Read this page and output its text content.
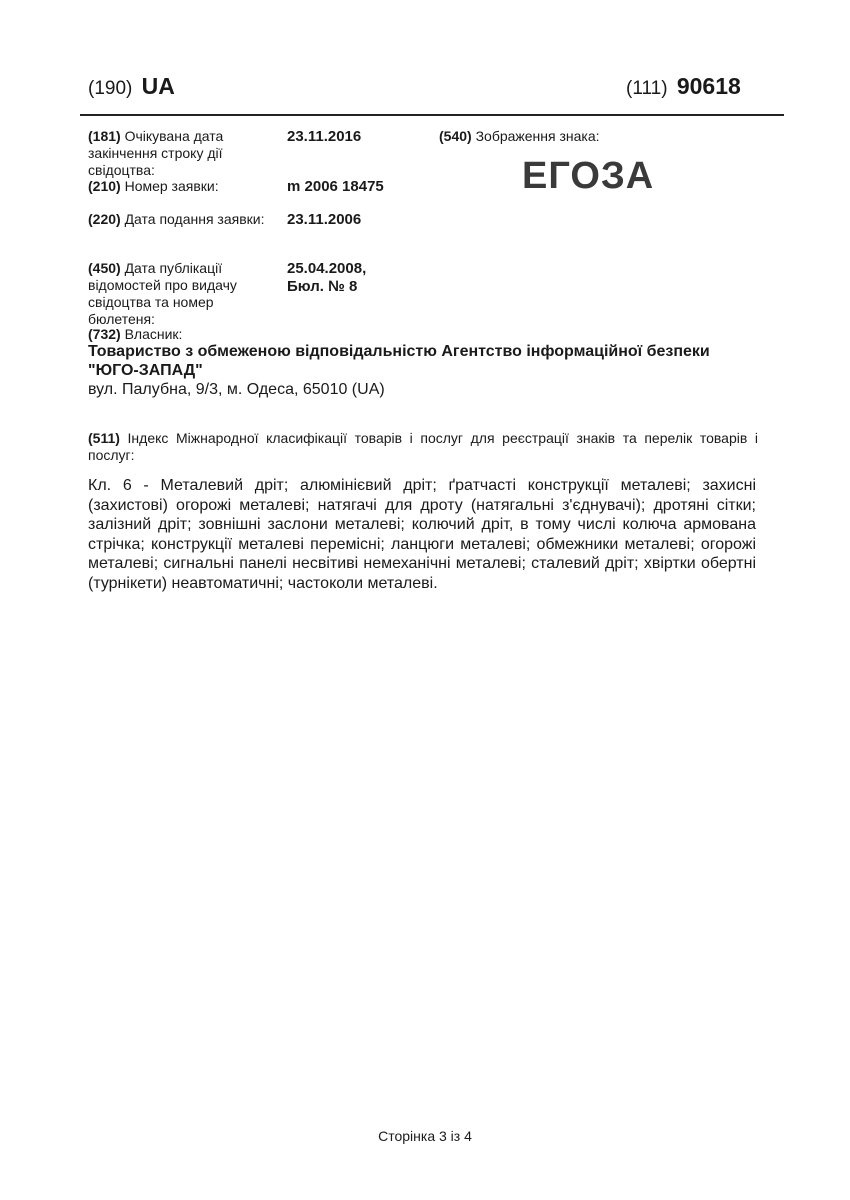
(190) UA	(111) 90618
(181) Очікувана дата закінчення строку дії свідоцтва:
23.11.2016
(210) Номер заявки:	m 2006 18475
(220) Дата подання заявки:	23.11.2006
(450) Дата публікації відомостей про видачу свідоцтва та номер бюлетеня:
25.04.2008,
Бюл. № 8
(540) Зображення знака:
ЕГОЗА
(732) Власник:
Товариство з обмеженою відповідальністю Агентство інформаційної безпеки "ЮГО-ЗАПАД"
вул. Палубна, 9/3, м. Одеса, 65010 (UA)
(511) Індекс Міжнародної класифікації товарів і послуг для реєстрації знаків та перелік товарів і послуг:
Кл. 6 - Металевий дріт; алюмінієвий дріт; ґратчасті конструкції металеві; захисні (захистові) огорожі металеві; натягачі для дроту (натягальні з'єднувачі); дротяні сітки; залізний дріт; зовнішні заслони металеві; колючий дріт, в тому числі колюча армована стрічка; конструкції металеві перемісні; ланцюги металеві; обмежники металеві; огорожі металеві; сигнальні панелі несвітиві немеханічні металеві; сталевий дріт; хвіртки обертні (турнікети) неавтоматичні; частоколи металеві.
Сторінка 3 із 4
